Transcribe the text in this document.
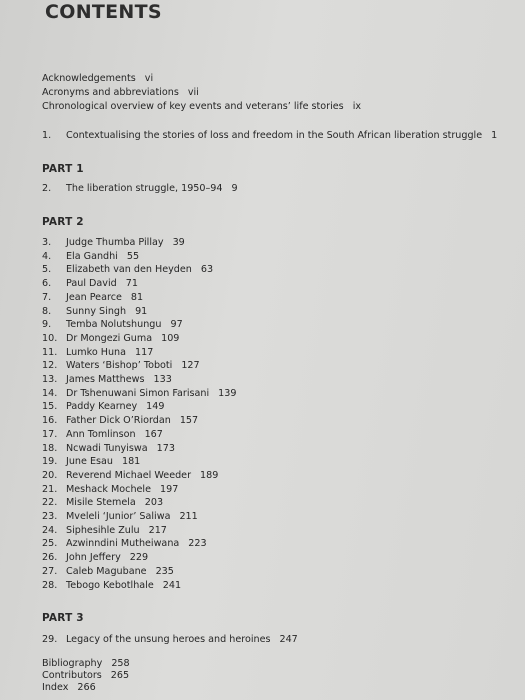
CONTENTS
Acknowledgements vi
Acronyms and abbreviations vii
Chronological overview of key events and veterans’ life stories ix
1.	Contextualising the stories of loss and freedom in the South African liberation struggle 1
PART 1
2.	The liberation struggle, 1950–94 9
PART 2
3.	Judge Thumba Pillay 39
4.	Ela Gandhi 55
5.	Elizabeth van den Heyden 63
6.	Paul David 71
7.	Jean Pearce 81
8.	Sunny Singh 91
9.	Temba Nolutshungu 97
10. Dr Mongezi Guma 109
11. Lumko Huna 117
12. Waters ‘Bishop’ Toboti 127
13. James Matthews 133
14. Dr Tshenuwani Simon Farisani 139
15. Paddy Kearney 149
16. Father Dick O’Riordan 157
17. Ann Tomlinson 167
18. Ncwadi Tunyiswa 173
19. June Esau 181
20. Reverend Michael Weeder 189
21. Meshack Mochele 197
22. Misile Stemela 203
23. Mveleli ‘Junior’ Saliwa 211
24. Siphesihle Zulu 217
25. Azwinndini Mutheiwana 223
26. John Jeffery 229
27. Caleb Magubane 235
28. Tebogo Kebotlhale 241
PART 3
29. Legacy of the unsung heroes and heroines 247
Bibliography 258
Contributors 265
Index 266
